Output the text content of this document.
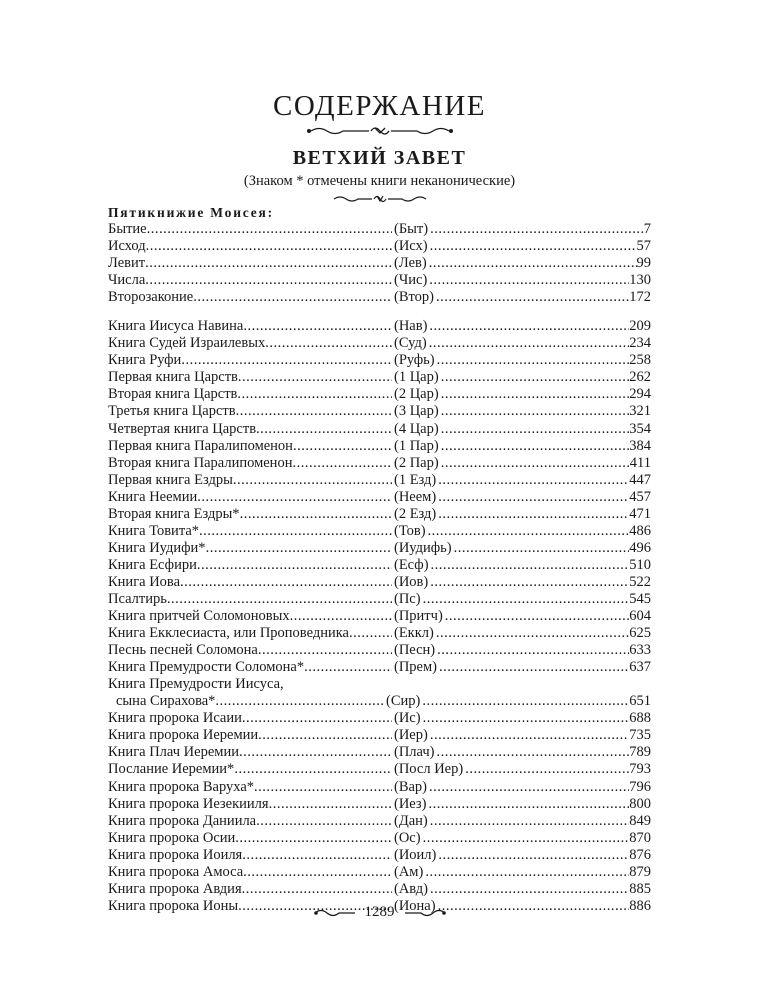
СОДЕРЖАНИЕ
ВЕТХИЙ ЗАВЕТ
(Знаком * отмечены книги неканонические)
Пятикнижие Моисея:
Бытие .....	(Быт) .....	7
Исход .....	(Исх) .....	57
Левит .....	(Лев) .....	99
Числа .....	(Чис) .....	130
Второзаконие .....	(Втор) .....	172
Книга Иисуса Навина .....	(Нав) .....	209
Книга Судей Израилевых .....	(Суд) .....	234
Книга Руфи .....	(Руфь) .....	258
Первая книга Царств .....	(1 Цар) .....	262
Вторая книга Царств .....	(2 Цар) .....	294
Третья книга Царств .....	(3 Цар) .....	321
Четвертая книга Царств .....	(4 Цар) .....	354
Первая книга Паралипоменон .....	(1 Пар) .....	384
Вторая книга Паралипоменон .....	(2 Пар) .....	411
Первая книга Ездры .....	(1 Езд) .....	447
Книга Неемии .....	(Неем) .....	457
Вторая книга Ездры* .....	(2 Езд) .....	471
Книга Товита* .....	(Тов) .....	486
Книга Иудифи* .....	(Иудифь) .....	496
Книга Есфири .....	(Есф) .....	510
Книга Иова .....	(Иов) .....	522
Псалтирь .....	(Пс) .....	545
Книга притчей Соломоновых .....	(Притч) .....	604
Книга Екклесиаста, или Проповедника .....	(Еккл) .....	625
Песнь песней Соломона .....	(Песн) .....	633
Книга Премудрости Соломона* .....	(Прем) .....	637
Книга Премудрости Иисуса,
сына Сирахова* .....	(Сир) .....	651
Книга пророка Исаии .....	(Ис) .....	688
Книга пророка Иеремии .....	(Иер) .....	735
Книга Плач Иеремии .....	(Плач) .....	789
Послание Иеремии* .....	(Посл Иер) .....	793
Книга пророка Варуха* .....	(Вар) .....	796
Книга пророка Иезекииля .....	(Иез) .....	800
Книга пророка Даниила .....	(Дан) .....	849
Книга пророка Осии .....	(Ос) .....	870
Книга пророка Иоиля .....	(Иоил) .....	876
Книга пророка Амоса .....	(Ам) .....	879
Книга пророка Авдия .....	(Авд) .....	885
Книга пророка Ионы .....	(Иона) .....	886
1289
